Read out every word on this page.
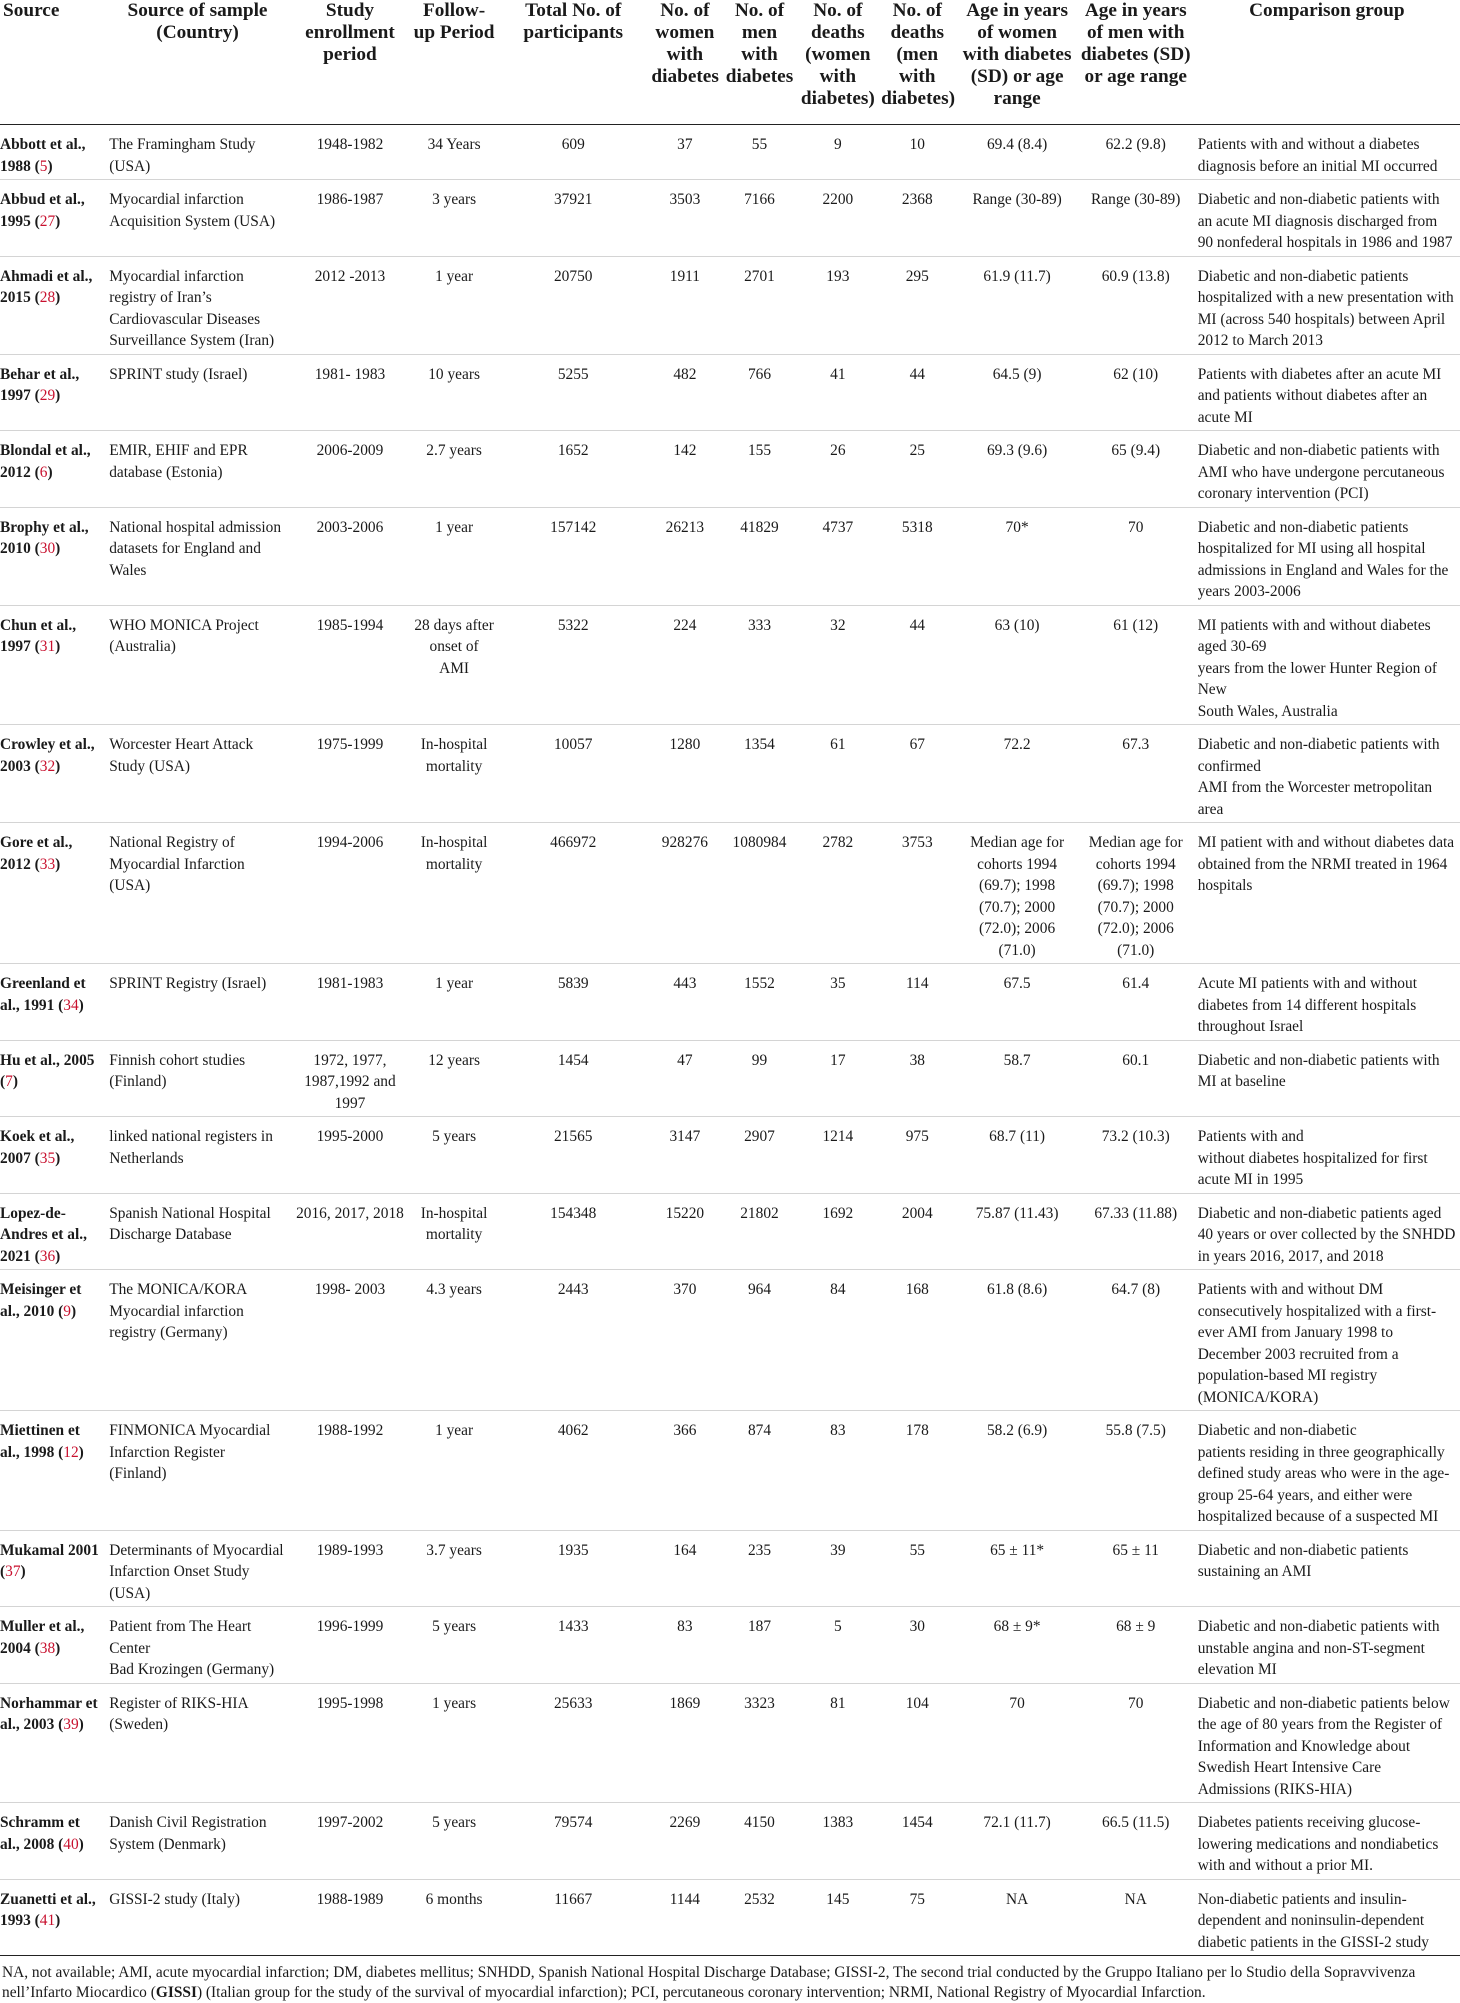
Source	Source of sample (Country)	Study enrollment period	Follow-up Period	Total No. of participants	No. of women with diabetes	No. of men with diabetes	No. of deaths (women with diabetes)	No. of deaths (men with diabetes)	Age in years of women with diabetes (SD) or age range	Age in years of men with diabetes (SD) or age range	Comparison group
Abbott et al., 1988 (5)	The Framingham Study (USA)	1948-1982	34 Years	609	37	55	9	10	69.4 (8.4)	62.2 (9.8)	Patients with and without a diabetes diagnosis before an initial MI occurred
Abbud et al., 1995 (27)	Myocardial infarction Acquisition System (USA)	1986-1987	3 years	37921	3503	7166	2200	2368	Range (30-89)	Range (30-89)	Diabetic and non-diabetic patients with an acute MI diagnosis discharged from 90 nonfederal hospitals in 1986 and 1987
Ahmadi et al., 2015 (28)	Myocardial infarction registry of Iran’s Cardiovascular Diseases Surveillance System (Iran)	2012 -2013	1 year	20750	1911	2701	193	295	61.9 (11.7)	60.9 (13.8)	Diabetic and non-diabetic patients hospitalized with a new presentation with MI (across 540 hospitals) between April 2012 to March 2013
Behar et al., 1997 (29)	SPRINT study (Israel)	1981- 1983	10 years	5255	482	766	41	44	64.5 (9)	62 (10)	Patients with diabetes after an acute MI and patients without diabetes after an acute MI
Blondal et al., 2012 (6)	EMIR, EHIF and EPR database (Estonia)	2006-2009	2.7 years	1652	142	155	26	25	69.3 (9.6)	65 (9.4)	Diabetic and non-diabetic patients with AMI who have undergone percutaneous coronary intervention (PCI)
Brophy et al., 2010 (30)	National hospital admission datasets for England and Wales	2003-2006	1 year	157142	26213	41829	4737	5318	70*	70	Diabetic and non-diabetic patients hospitalized for MI using all hospital admissions in England and Wales for the years 2003-2006
Chun et al., 1997 (31)	WHO MONICA Project (Australia)	1985-1994	28 days after onset of AMI	5322	224	333	32	44	63 (10)	61 (12)	MI patients with and without diabetes aged 30-69
years from the lower Hunter Region of New
South Wales, Australia
Crowley et al., 2003 (32)	Worcester Heart Attack Study (USA)	1975-1999	In-hospital mortality	10057	1280	1354	61	67	72.2	67.3	Diabetic and non-diabetic patients with confirmed
AMI from the Worcester metropolitan area
Gore et al., 2012 (33)	National Registry of Myocardial Infarction (USA)	1994-2006	In-hospital mortality	466972	928276	1080984	2782	3753	Median age for cohorts 1994 (69.7); 1998 (70.7); 2000 (72.0); 2006 (71.0)	Median age for cohorts 1994 (69.7); 1998 (70.7); 2000 (72.0); 2006 (71.0)	MI patient with and without diabetes data obtained from the NRMI treated in 1964 hospitals
Greenland et al., 1991 (34)	SPRINT Registry (Israel)	1981-1983	1 year	5839	443	1552	35	114	67.5	61.4	Acute MI patients with and without diabetes from 14 different hospitals throughout Israel
Hu et al., 2005 (7)	Finnish cohort studies (Finland)	1972, 1977, 1987,1992 and 1997	12 years	1454	47	99	17	38	58.7	60.1	Diabetic and non-diabetic patients with MI at baseline
Koek et al., 2007 (35)	linked national registers in Netherlands	1995-2000	5 years	21565	3147	2907	1214	975	68.7 (11)	73.2 (10.3)	Patients with and
without diabetes hospitalized for first acute MI in 1995
Lopez-de-Andres et al., 2021 (36)	Spanish National Hospital Discharge Database	2016, 2017, 2018	In-hospital mortality	154348	15220	21802	1692	2004	75.87 (11.43)	67.33 (11.88)	Diabetic and non-diabetic patients aged 40 years or over collected by the SNHDD in years 2016, 2017, and 2018
Meisinger et al., 2010 (9)	The MONICA/KORA Myocardial infarction registry (Germany)	1998- 2003	4.3 years	2443	370	964	84	168	61.8 (8.6)	64.7 (8)	Patients with and without DM consecutively hospitalized with a first-ever AMI from January 1998 to December 2003 recruited from a population-based MI registry (MONICA/KORA)
Miettinen et al., 1998 (12)	FINMONICA Myocardial Infarction Register (Finland)	1988-1992	1 year	4062	366	874	83	178	58.2 (6.9)	55.8 (7.5)	Diabetic and non-diabetic
patients residing in three geographically defined study areas who were in the age-group 25-64 years, and either were hospitalized because of a suspected MI
Mukamal 2001 (37)	Determinants of Myocardial Infarction Onset Study (USA)	1989-1993	3.7 years	1935	164	235	39	55	65 ± 11*	65 ± 11	Diabetic and non-diabetic patients sustaining an AMI
Muller et al., 2004 (38)	Patient from The Heart Center
Bad Krozingen (Germany)	1996-1999	5 years	1433	83	187	5	30	68 ± 9*	68 ± 9	Diabetic and non-diabetic patients with unstable angina and non-ST-segment elevation MI
Norhammar et al., 2003 (39)	Register of RIKS-HIA (Sweden)	1995-1998	1 years	25633	1869	3323	81	104	70	70	Diabetic and non-diabetic patients below the age of 80 years from the Register of Information and Knowledge about Swedish Heart Intensive Care Admissions (RIKS-HIA)
Schramm et al., 2008 (40)	Danish Civil Registration System (Denmark)	1997-2002	5 years	79574	2269	4150	1383	1454	72.1 (11.7)	66.5 (11.5)	Diabetes patients receiving glucose-lowering medications and nondiabetics with and without a prior MI.
Zuanetti et al., 1993 (41)	GISSI-2 study (Italy)	1988-1989	6 months	11667	1144	2532	145	75	NA	NA	Non-diabetic patients and insulin-dependent and noninsulin-dependent diabetic patients in the GISSI-2 study
NA, not available; AMI, acute myocardial infarction; DM, diabetes mellitus; SNHDD, Spanish National Hospital Discharge Database; GISSI-2, The second trial conducted by the Gruppo Italiano per lo Studio della Sopravvivenza nell’Infarto Miocardico (GISSI) (Italian group for the study of the survival of myocardial infarction); PCI, percutaneous coronary intervention; NRMI, National Registry of Myocardial Infarction.
